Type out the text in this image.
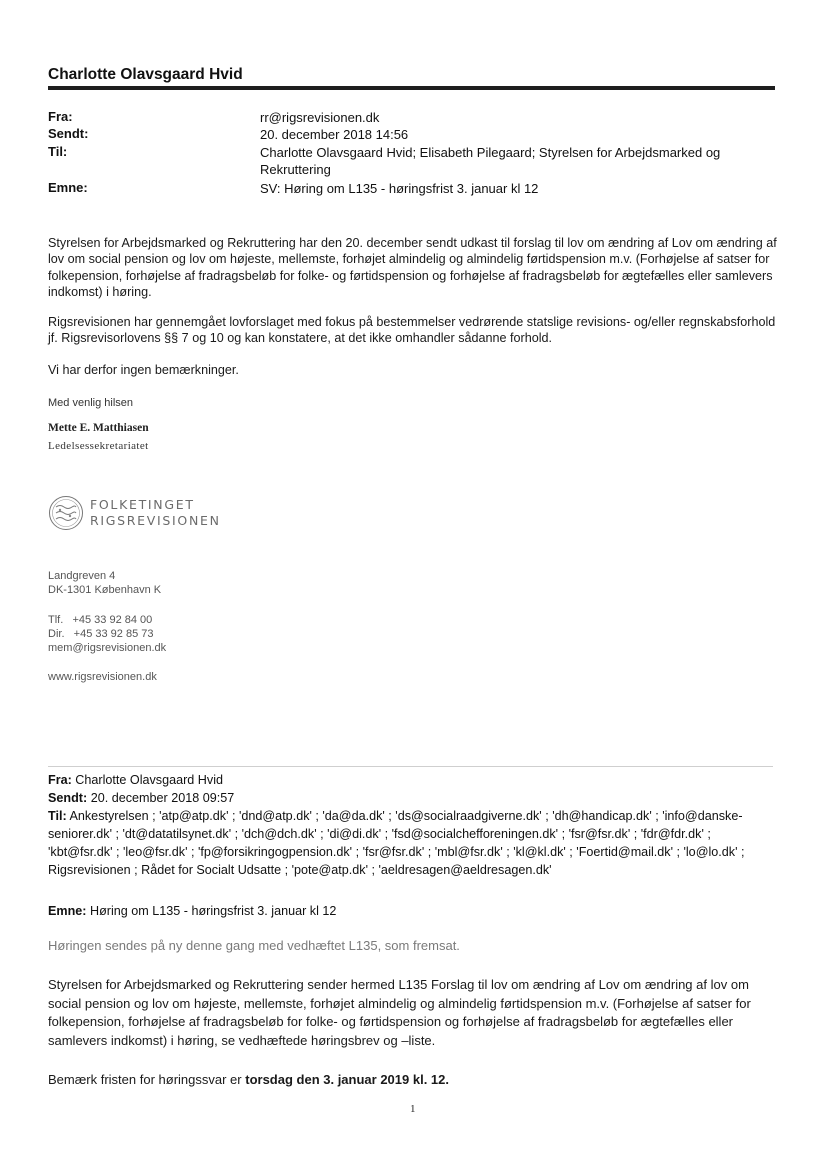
Charlotte Olavsgaard Hvid
Fra:	rr@rigsrevisionen.dk
Sendt:	20. december 2018 14:56
Til:	Charlotte Olavsgaard Hvid; Elisabeth Pilegaard; Styrelsen for Arbejdsmarked og Rekruttering
Emne:	SV: Høring om L135 - høringsfrist 3. januar kl 12
Styrelsen for Arbejdsmarked og Rekruttering har den 20. december sendt udkast til forslag til lov om ændring af Lov om ændring af lov om social pension og lov om højeste, mellemste, forhøjet almindelig og almindelig førtidspension m.v. (Forhøjelse af satser for folkepension, forhøjelse af fradragsbeløb for folke- og førtidspension og forhøjelse af fradragsbeløb for ægtefælles eller samlevers indkomst) i høring.
Rigsrevisionen har gennemgået lovforslaget med fokus på bestemmelser vedrørende statslige revisions- og/eller regnskabsforhold jf. Rigsrevisorlovens §§ 7 og 10 og kan konstatere, at det ikke omhandler sådanne forhold.
Vi har derfor ingen bemærkninger.
Med venlig hilsen
Mette E. Matthiasen
Ledelsessekretariatet
FOLKETINGET
RIGSREVISIONEN
Landgreven 4
DK-1301 København K
Tlf.   +45 33 92 84 00
Dir.   +45 33 92 85 73
mem@rigsrevisionen.dk
www.rigsrevisionen.dk
Fra: Charlotte Olavsgaard Hvid
Sendt: 20. december 2018 09:57
Til: Ankestyrelsen ; 'atp@atp.dk' ; 'dnd@atp.dk' ; 'da@da.dk' ; 'ds@socialraadgiverne.dk' ; 'dh@handicap.dk' ; 'info@danske-seniorer.dk' ; 'dt@datatilsynet.dk' ; 'dch@dch.dk' ; 'di@di.dk' ; 'fsd@socialchefforeningen.dk' ; 'fsr@fsr.dk' ; 'fdr@fdr.dk' ; 'kbt@fsr.dk' ; 'leo@fsr.dk' ; 'fp@forsikringogpension.dk' ; 'fsr@fsr.dk' ; 'mbl@fsr.dk' ; 'kl@kl.dk' ; 'Foertid@mail.dk' ; 'lo@lo.dk' ; Rigsrevisionen ; Rådet for Socialt Udsatte ; 'pote@atp.dk' ; 'aeldresagen@aeldresagen.dk'
Emne: Høring om L135 - høringsfrist 3. januar kl 12
Høringen sendes på ny denne gang med vedhæftet L135, som fremsat.
Styrelsen for Arbejdsmarked og Rekruttering sender hermed L135 Forslag til lov om ændring af Lov om ændring af lov om social pension og lov om højeste, mellemste, forhøjet almindelig og almindelig førtidspension m.v. (Forhøjelse af satser for folkepension, forhøjelse af fradragsbeløb for folke- og førtidspension og forhøjelse af fradragsbeløb for ægtefælles eller samlevers indkomst) i høring, se vedhæftede høringsbrev og –liste.
Bemærk fristen for høringssvar er torsdag den 3. januar 2019 kl. 12.
1
